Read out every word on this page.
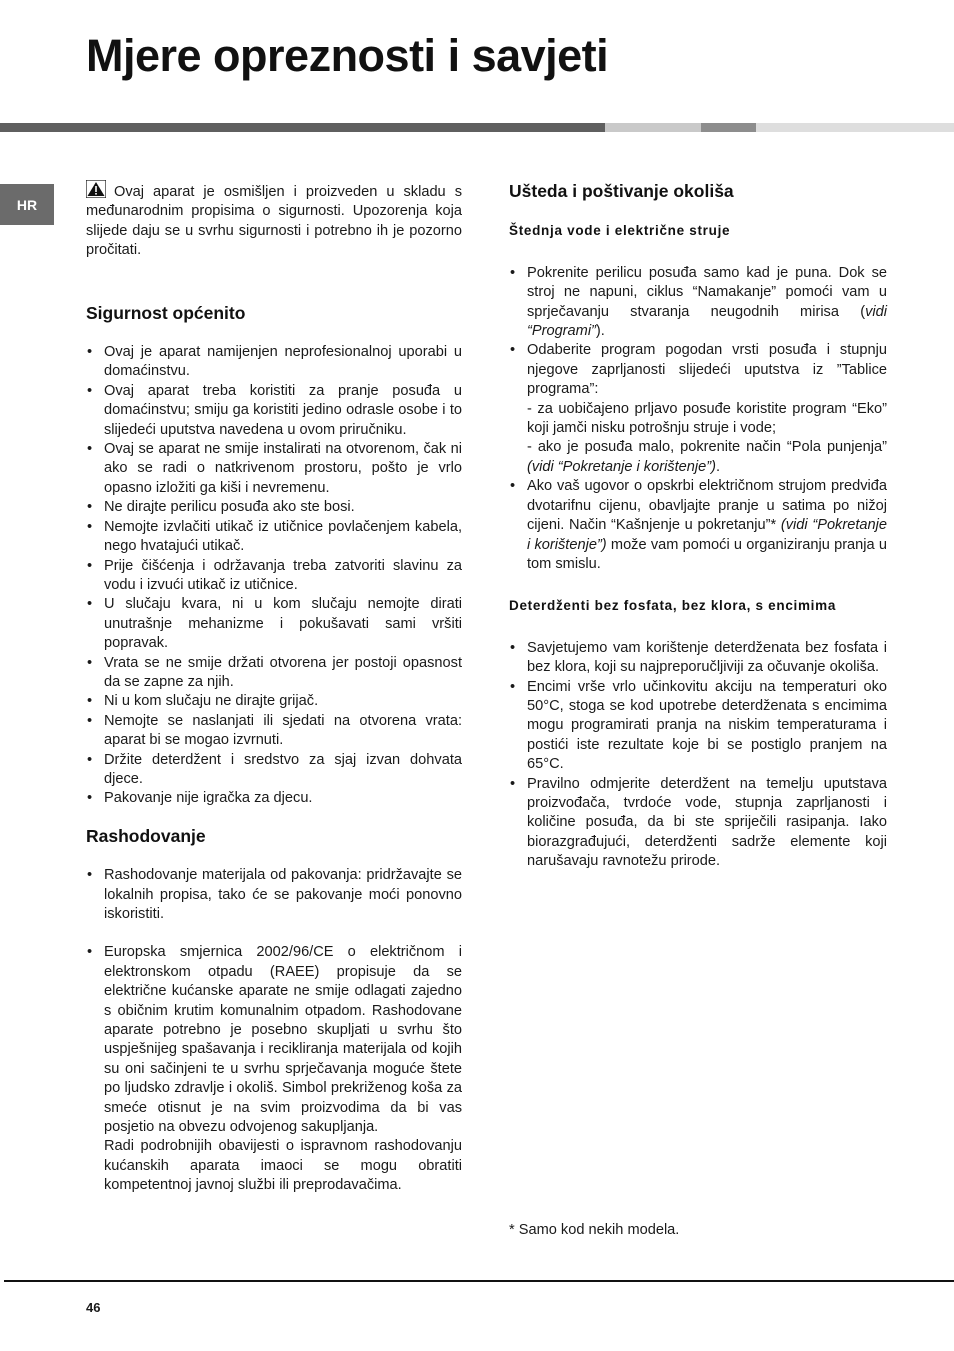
Mjere opreznosti i savjeti
HR

Ovaj aparat je osmišljen i proizveden u skladu s međunarodnim propisima o sigurnosti. Upozorenja koja slijede daju se u svrhu sigurnosti i potrebno ih je pozorno pročitati.

Sigurnost općenito
• Ovaj je aparat namijenjen neprofesionalnoj uporabi u domaćinstvu.
• Ovaj aparat treba koristiti za pranje posuđa u domaćinstvu; smiju ga koristiti jedino odrasle osobe i to slijedeći uputstva navedena u ovom priručniku.
• Ovaj se aparat ne smije instalirati na otvorenom, čak ni ako se radi o natkrivenom prostoru, pošto je vrlo opasno izložiti ga kiši i nevremenu.
• Ne dirajte perilicu posuđa ako ste bosi.
• Nemojte izvlačiti utikač iz utičnice povlačenjem kabela, nego hvatajući utikač.
• Prije čišćenja i održavanja treba zatvoriti slavinu za vodu i izvući utikač iz utičnice.
• U slučaju kvara, ni u kom slučaju nemojte dirati unutrašnje mehanizme i pokušavati sami vršiti popravak.
• Vrata se ne smije držati otvorena jer postoji opasnost da se zapne za njih.
• Ni u kom slučaju ne dirajte grijač.
• Nemojte se naslanjati ili sjedati na otvorena vrata: aparat bi se mogao izvrnuti.
• Držite deterdžent i sredstvo za sjaj izvan dohvata djece.
• Pakovanje nije igračka za djecu.
Rashodovanje
• Rashodovanje materijala od pakovanja: pridržavajte se lokalnih propisa, tako će se pakovanje moći ponovno iskoristiti.
• Europska smjernica 2002/96/CE o električnom i elektronskom otpadu (RAEE) propisuje da se električne kućanske aparate ne smije odlagati zajedno s običnim krutim komunalnim otpadom. Rashodovane aparate potrebno je posebno skupljati u svrhu što uspješnijeg spašavanja i recikliranja materijala od kojih su oni sačinjeni te u svrhu sprječavanja moguće štete po ljudsko zdravlje i okoliš. Simbol prekriženog koša za smeće otisnut je na svim proizvodima da bi vas posjetio na obvezu odvojenog sakupljanja.
Radi podrobnijih obavijesti o ispravnom rashodovanju kućanskih aparata imaoci se mogu obratiti kompetentnoj javnoj službi ili preprodavačima.
Ušteda i poštivanje okoliša
Štednja vode i električne struje
• Pokrenite perilicu posuđa samo kad je puna. Dok se stroj ne napuni, ciklus “Namakanje” pomoći vam u sprječavanju stvaranja neugodnih mirisa (vidi “Programi”).
• Odaberite program pogodan vrsti posuđa i stupnju njegove zaprljanosti slijedeći uputstva iz ”Tablice programa”:
- za uobičajeno prljavo posuđe koristite program “Eko” koji jamči nisku potrošnju struje i vode;
- ako je posuđa malo, pokrenite način “Pola punjenja” (vidi “Pokretanje i korištenje”).
• Ako vaš ugovor o opskrbi električnom strujom predviđa dvotarifnu cijenu, obavljajte pranje u satima po nižoj cijeni. Način “Kašnjenje u pokretanju”* (vidi “Pokretanje i korištenje”) može vam pomoći u organiziranju pranja u tom smislu.
Deterdženti bez fosfata, bez klora, s encimima
• Savjetujemo vam korištenje deterdženata bez fosfata i bez klora, koji su najpreporučljiviji za očuvanje okoliša.
• Encimi vrše vrlo učinkovitu akciju na temperaturi oko 50°C, stoga se kod upotrebe deterdženata s encimima mogu programirati pranja na niskim temperaturama i postići iste rezultate koje bi se postiglo pranjem na 65°C.
• Pravilno odmjerite deterdžent na temelju uputstava proizvođača, tvrdoće vode, stupnja zaprljanosti i količine posuđa, da bi ste spriječili rasipanja. Iako biorazgrađujući, deterdženti sadrže elemente koji narušavaju ravnotežu prirode.
* Samo kod nekih modela.
46
